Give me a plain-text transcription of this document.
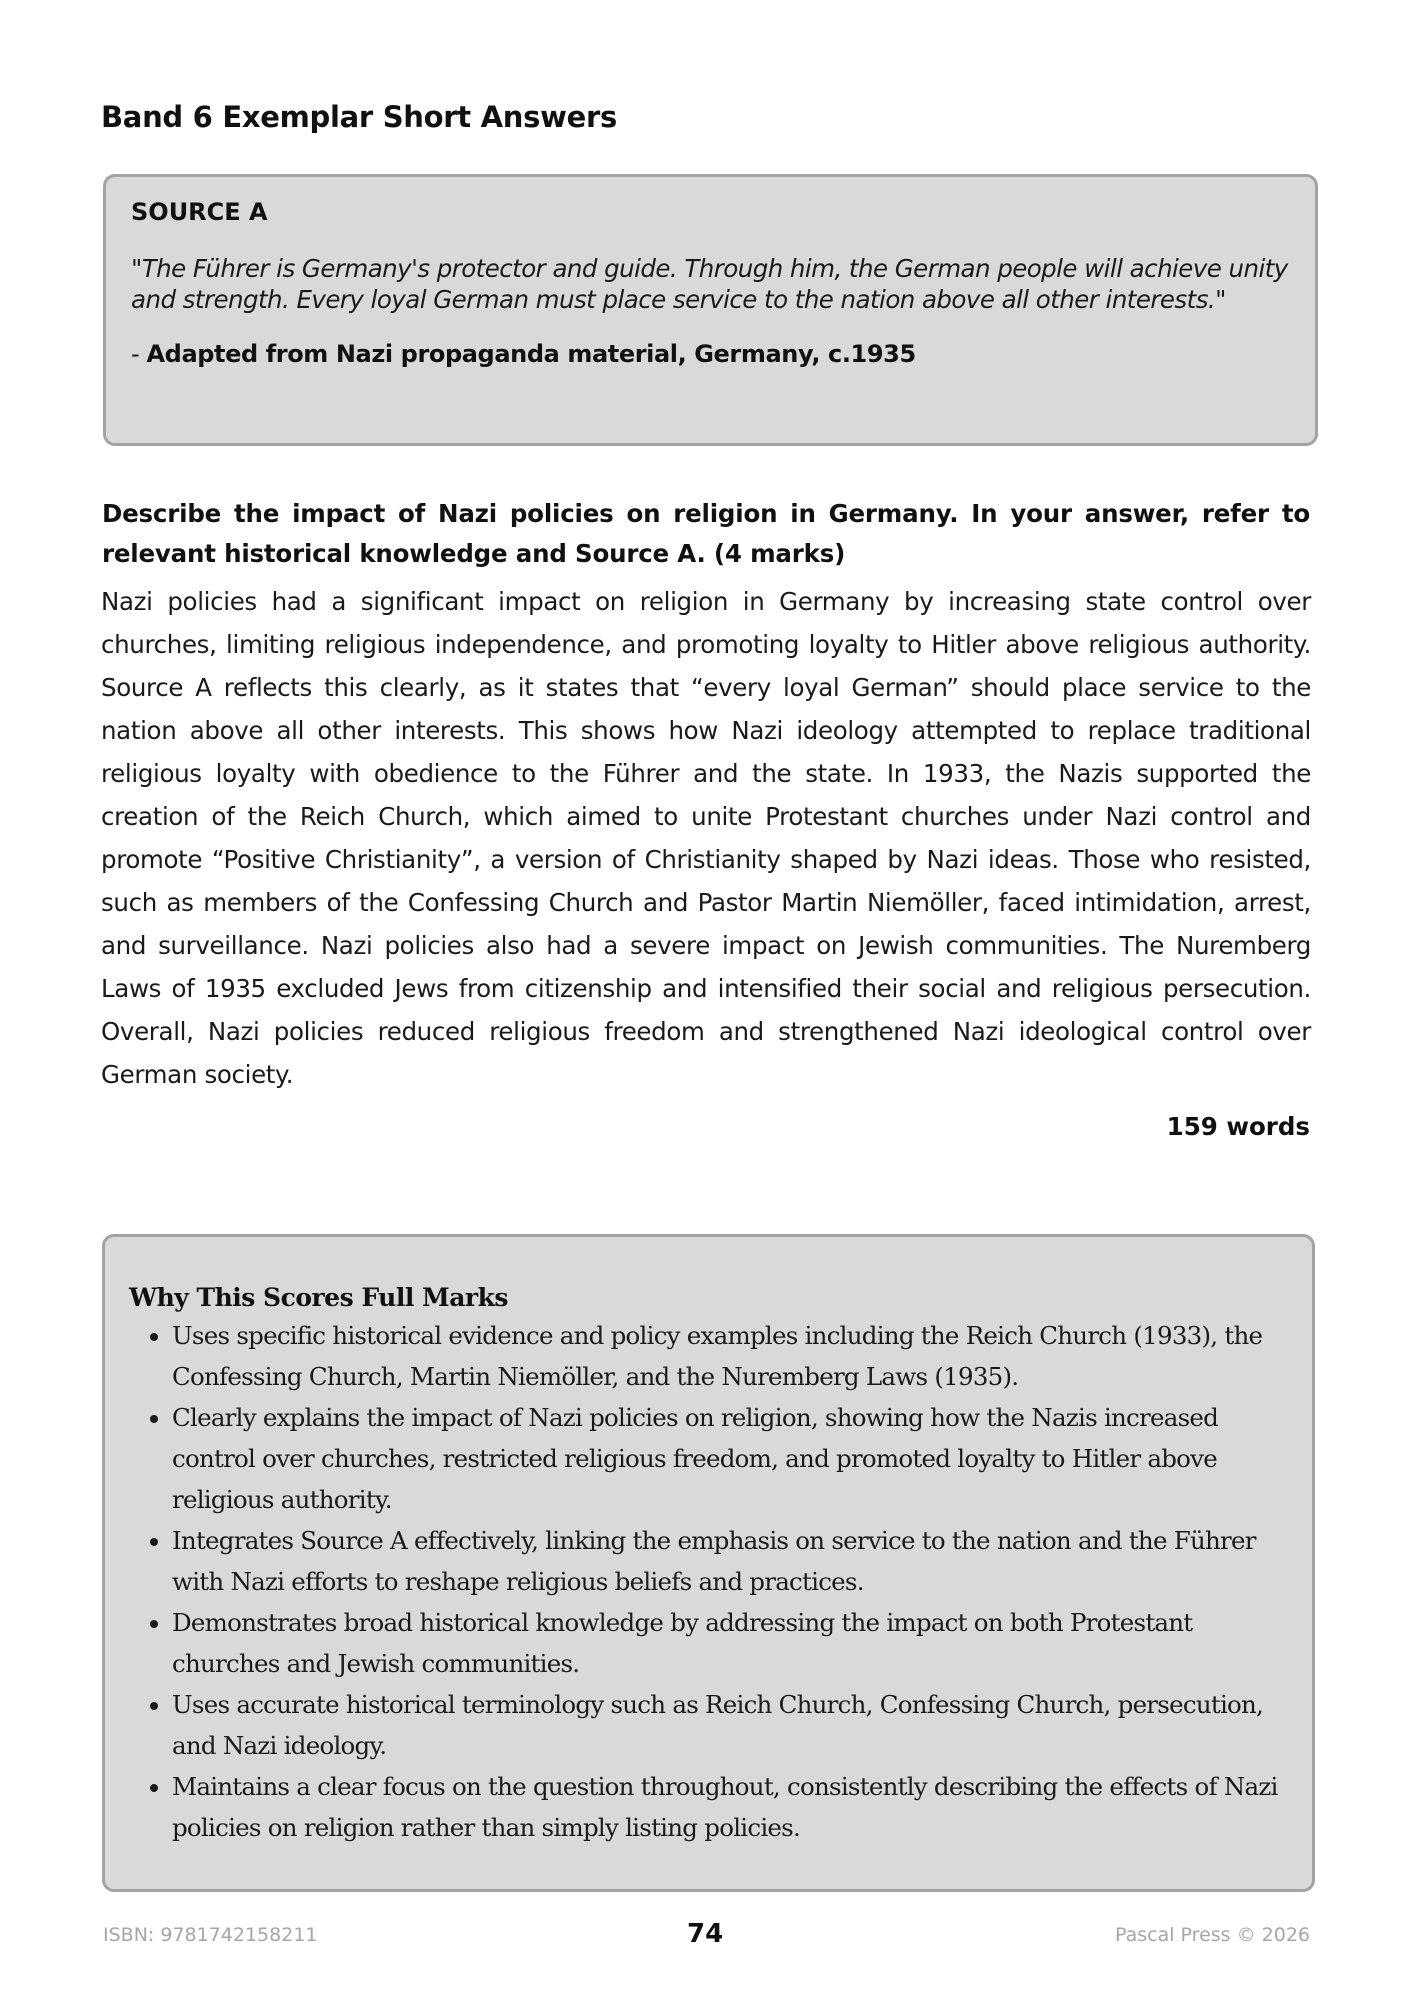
Band 6 Exemplar Short Answers

SOURCE A

"The Führer is Germany's protector and guide. Through him, the German people will achieve unity and strength. Every loyal German must place service to the nation above all other interests."

- Adapted from Nazi propaganda material, Germany, c.1935

Describe the impact of Nazi policies on religion in Germany. In your answer, refer to relevant historical knowledge and Source A. (4 marks)

Nazi policies had a significant impact on religion in Germany by increasing state control over churches, limiting religious independence, and promoting loyalty to Hitler above religious authority. Source A reflects this clearly, as it states that “every loyal German” should place service to the nation above all other interests. This shows how Nazi ideology attempted to replace traditional religious loyalty with obedience to the Führer and the state. In 1933, the Nazis supported the creation of the Reich Church, which aimed to unite Protestant churches under Nazi control and promote “Positive Christianity”, a version of Christianity shaped by Nazi ideas. Those who resisted, such as members of the Confessing Church and Pastor Martin Niemöller, faced intimidation, arrest, and surveillance. Nazi policies also had a severe impact on Jewish communities. The Nuremberg Laws of 1935 excluded Jews from citizenship and intensified their social and religious persecution. Overall, Nazi policies reduced religious freedom and strengthened Nazi ideological control over German society.

159 words

Why This Scores Full Marks

• Uses specific historical evidence and policy examples including the Reich Church (1933), the Confessing Church, Martin Niemöller, and the Nuremberg Laws (1935).
• Clearly explains the impact of Nazi policies on religion, showing how the Nazis increased control over churches, restricted religious freedom, and promoted loyalty to Hitler above religious authority.
• Integrates Source A effectively, linking the emphasis on service to the nation and the Führer with Nazi efforts to reshape religious beliefs and practices.
• Demonstrates broad historical knowledge by addressing the impact on both Protestant churches and Jewish communities.
• Uses accurate historical terminology such as Reich Church, Confessing Church, persecution, and Nazi ideology.
• Maintains a clear focus on the question throughout, consistently describing the effects of Nazi policies on religion rather than simply listing policies.

ISBN: 9781742158211	74	Pascal Press © 2026
